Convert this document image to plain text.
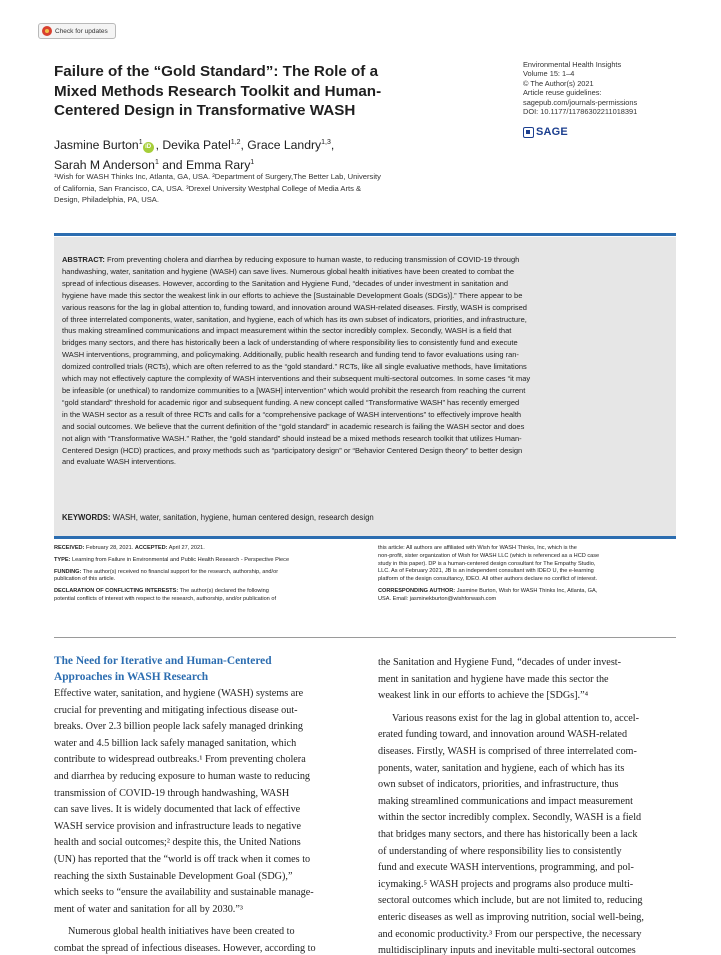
Check for updates
Failure of the “Gold Standard”: The Role of a
Mixed Methods Research Toolkit and Human-
Centered Design in Transformative WASH
Environmental Health Insights
Volume 15: 1–4
© The Author(s) 2021
Article reuse guidelines:
sagepub.com/journals-permissions
DOI: 10.1177/11786302211018391
SAGE
Jasmine Burton$^1$iD , Devika Patel$^{1,2}$, Grace Landry$^{1,3}$,
Sarah M Anderson$^1$ and Emma Rary$^1$
¹Wish for WASH Thinks Inc, Atlanta, GA, USA. ²Department of Surgery,The Better Lab, University
of California, San Francisco, CA, USA. ³Drexel University Westphal College of Media Arts &
Design, Philadelphia, PA, USA.
ABSTRACT: From preventing cholera and diarrhea by reducing exposure to human waste, to reducing transmission of COVID-19 through
handwashing, water, sanitation and hygiene (WASH) can save lives. Numerous global health initiatives have been created to combat the
spread of infectious diseases. However, according to the Sanitation and Hygiene Fund, “decades of under investment in sanitation and
hygiene have made this sector the weakest link in our efforts to achieve the [Sustainable Development Goals (SDGs)].” There appear to be
various reasons for the lag in global attention to, funding toward, and innovation around WASH-related diseases. Firstly, WASH is comprised
of three interrelated components, water, sanitation, and hygiene, each of which has its own subset of indicators, priorities, and infrastructure,
thus making streamlined communications and impact measurement within the sector incredibly complex. Secondly, WASH is a field that
bridges many sectors, and there has historically been a lack of understanding of where responsibility lies to consistently fund and execute
WASH interventions, programming, and policymaking. Additionally, public health research and funding tend to favor evaluations using ran-
domized controlled trials (RCTs), which are often referred to as the “gold standard.” RCTs, like all single evaluative methods, have limitations
which may not effectively capture the complexity of WASH interventions and their subsequent multi-sectoral outcomes. In some cases “it may
be infeasible (or unethical) to randomize communities to a [WASH] intervention” which would prohibit the research from reaching the current
“gold standard” threshold for academic rigor and subsequent funding. A new concept called “Transformative WASH” has recently emerged
in the WASH sector as a result of three RCTs and calls for a “comprehensive package of WASH interventions” to effectively improve health
and social outcomes. We believe that the current definition of the “gold standard” in academic research is failing the WASH sector and does
not align with “Transformative WASH.” Rather, the “gold standard” should instead be a mixed methods research toolkit that utilizes Human-
Centered Design (HCD) practices, and proxy methods such as “participatory design” or “Behavior Centered Design theory” to better design
and evaluate WASH interventions.
KEYWORDS: WASH, water, sanitation, hygiene, human centered design, research design
RECEIVED: February 28, 2021. ACCEPTED: April 27, 2021.
TYPE: Learning from Failure in Environmental and Public Health Research - Perspective Piece
FUNDING: The author(s) received no financial support for the research, authorship, and/or
publication of this article.
DECLARATION OF CONFLICTING INTERESTS: The author(s) declared the following
potential conflicts of interest with respect to the research, authorship, and/or publication of
this article: All authors are affiliated with Wish for WASH Thinks, Inc, which is the
non-profit, sister organization of Wish for WASH LLC (which is referenced as a HCD case
study in this paper). DP is a human-centered design consultant for The Empathy Studio,
LLC. As of February 2021, JB is an independent consultant with IDEO U, the e-learning
platform of the design consultancy, IDEO. All other authors declare no conflict of interest.
CORRESPONDING AUTHOR: Jasmine Burton, Wish for WASH Thinks Inc, Atlanta, GA,
USA. Email: jasminekburton@wishforwash.com
The Need for Iterative and Human-Centered
Approaches in WASH Research
Effective water, sanitation, and hygiene (WASH) systems are
crucial for preventing and mitigating infectious disease out-
breaks. Over 2.3 billion people lack safely managed drinking
water and 4.5 billion lack safely managed sanitation, which
contribute to widespread outbreaks.¹ From preventing cholera
and diarrhea by reducing exposure to human waste to reducing
transmission of COVID-19 through handwashing, WASH
can save lives. It is widely documented that lack of effective
WASH service provision and infrastructure leads to negative
health and social outcomes;² despite this, the United Nations
(UN) has reported that the “world is off track when it comes to
reaching the sixth Sustainable Development Goal (SDG),”
which seeks to “ensure the availability and sustainable manage-
ment of water and sanitation for all by 2030.”³
Numerous global health initiatives have been created to
combat the spread of infectious diseases. However, according to
the Sanitation and Hygiene Fund, “decades of under invest-
ment in sanitation and hygiene have made this sector the
weakest link in our efforts to achieve the [SDGs].”⁴
Various reasons exist for the lag in global attention to, accel-
erated funding toward, and innovation around WASH-related
diseases. Firstly, WASH is comprised of three interrelated com-
ponents, water, sanitation and hygiene, each of which has its
own subset of indicators, priorities, and infrastructure, thus
making streamlined communications and impact measurement
within the sector incredibly complex. Secondly, WASH is a field
that bridges many sectors, and there has historically been a lack
of understanding of where responsibility lies to consistently
fund and execute WASH interventions, programming, and pol-
icymaking.⁵ WASH projects and programs also produce multi-
sectoral outcomes which include, but are not limited to, reducing
enteric diseases as well as improving nutrition, social well-being,
and economic productivity.³ From our perspective, the necessary
multidisciplinary inputs and inevitable multi-sectoral outcomes
